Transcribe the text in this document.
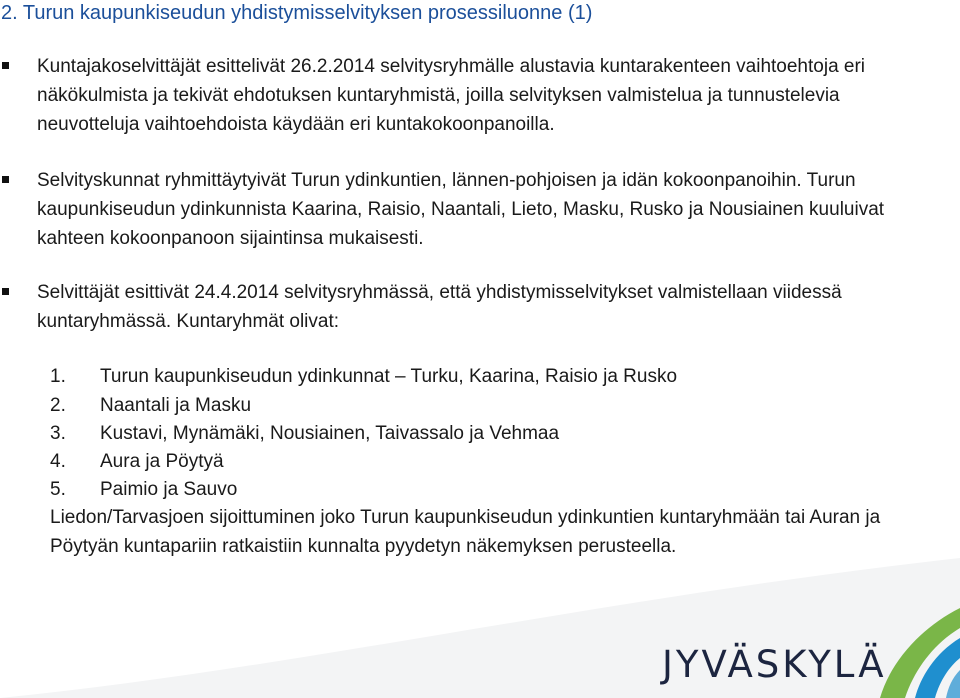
2. Turun kaupunkiseudun yhdistymisselvityksen prosessiluonne (1)
Kuntajakoselvittäjät esittelivät 26.2.2014 selvitysryhmälle alustavia kuntarakenteen vaihtoehtoja eri näkökulmista ja tekivät ehdotuksen kuntaryhmistä, joilla selvityksen valmistelua ja tunnustelevia neuvotteluja vaihtoehdoista käydään eri kuntakokoonpanoilla.
Selvityskunnat ryhmittäytyivät Turun ydinkuntien, lännen-pohjoisen ja idän kokoonpanoihin. Turun kaupunkiseudun ydinkunnista Kaarina, Raisio, Naantali, Lieto, Masku, Rusko ja Nousiainen kuuluivat kahteen kokoonpanoon sijaintinsa mukaisesti.
Selvittäjät esittivät 24.4.2014 selvitysryhmässä, että yhdistymisselvitykset valmistellaan viidessä kuntaryhmässä. Kuntaryhmät olivat:
1. Turun kaupunkiseudun ydinkunnat – Turku, Kaarina, Raisio ja Rusko
2. Naantali ja Masku
3. Kustavi, Mynämäki, Nousiainen, Taivassalo ja Vehmaa
4. Aura ja Pöytyä
5. Paimio ja Sauvo
Liedon/Tarvasjoen sijoittuminen joko Turun kaupunkiseudun ydinkuntien kuntaryhmään tai Auran ja Pöytyän kuntapariin ratkaistiin kunnalta pyydetyn näkemyksen perusteella.
JYVÄSKYLÄ
